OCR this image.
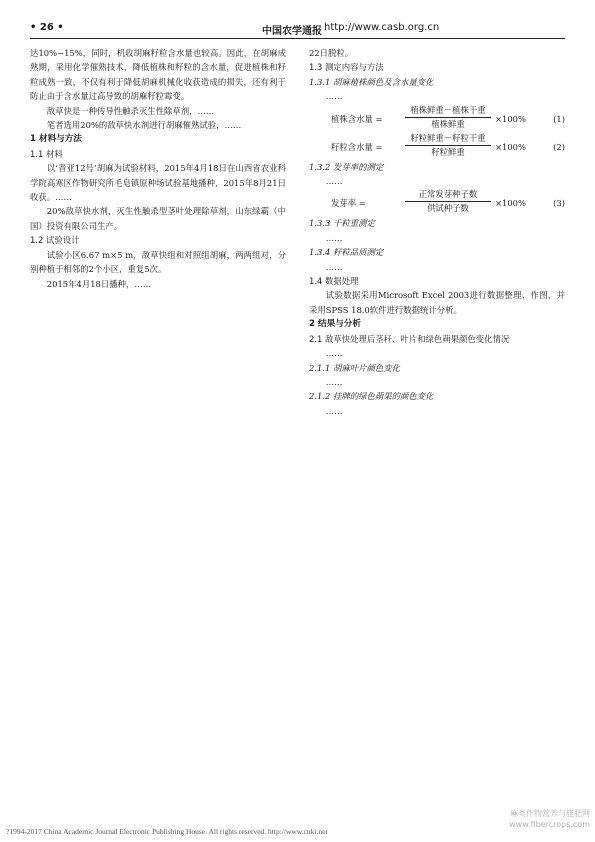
• 26 •	中国农学通报 http://www.casb.org.cn

达10%~15%，同时，机收胡麻籽粒含水量也较高。因此，在胡麻成熟期，采用化学催熟技术，降低植株和籽粒的含水量，促进植株和籽粒成熟一致，不仅有利于降低胡麻机械化收获造成的损失，还有利于防止由于含水量过高导致的胡麻籽粒霉变。

敌草快是一种传导性触杀灭生性除草剂，……

笔者选用20%的敌草快水剂进行胡麻催熟试验，……

1 材料与方法

1.1 材料

以‘晋亚12号’胡麻为试验材料，2015年4月18日在山西省农业科学院高寒区作物研究所毛皂镇原种场试验基地播种，2015年8月21日收获。……

20%敌草快水剂，灭生性触杀型茎叶处理除草剂，山东绿霸（中国）投资有限公司生产。

1.2 试验设计

试验小区6.67 m×5 m，敌草快组和对照组胡麻，两两组对，分别种植于相邻的2个小区，重复5次。

2015年4月18日播种，……

22日脱粒。

1.3 测定内容与方法

1.3.1 胡麻植株颜色及含水量变化

……

植株含水量 =
植株鲜重－植株干重
植株鲜重	×100%	(1)
籽粒含水量 =
籽粒鲜重－籽粒干重
籽粒鲜重	×100%	(2)

1.3.2 发芽率的测定

……

发芽率 =
正常发芽种子数
供试种子数	×100%	(3)

1.3.3 千粒重测定

……

1.3.4 籽粒品质测定

……

1.4 数据处理

试验数据采用Microsoft Excel 2003进行数据整理、作图，并采用SPSS 18.0软件进行数据统计分析。

2 结果与分析

2.1 敌草快处理后茎秆、叶片和绿色蒴果颜色变化情况

……

2.1.1 胡麻叶片颜色变化

……

2.1.2 挂牌的绿色蒴果的颜色变化

……

麻类作物营养与施肥网
www.fibercrops.com
?1994-2017 China Academic Journal Electronic Publishing House. All rights reserved. http://www.cnki.net
